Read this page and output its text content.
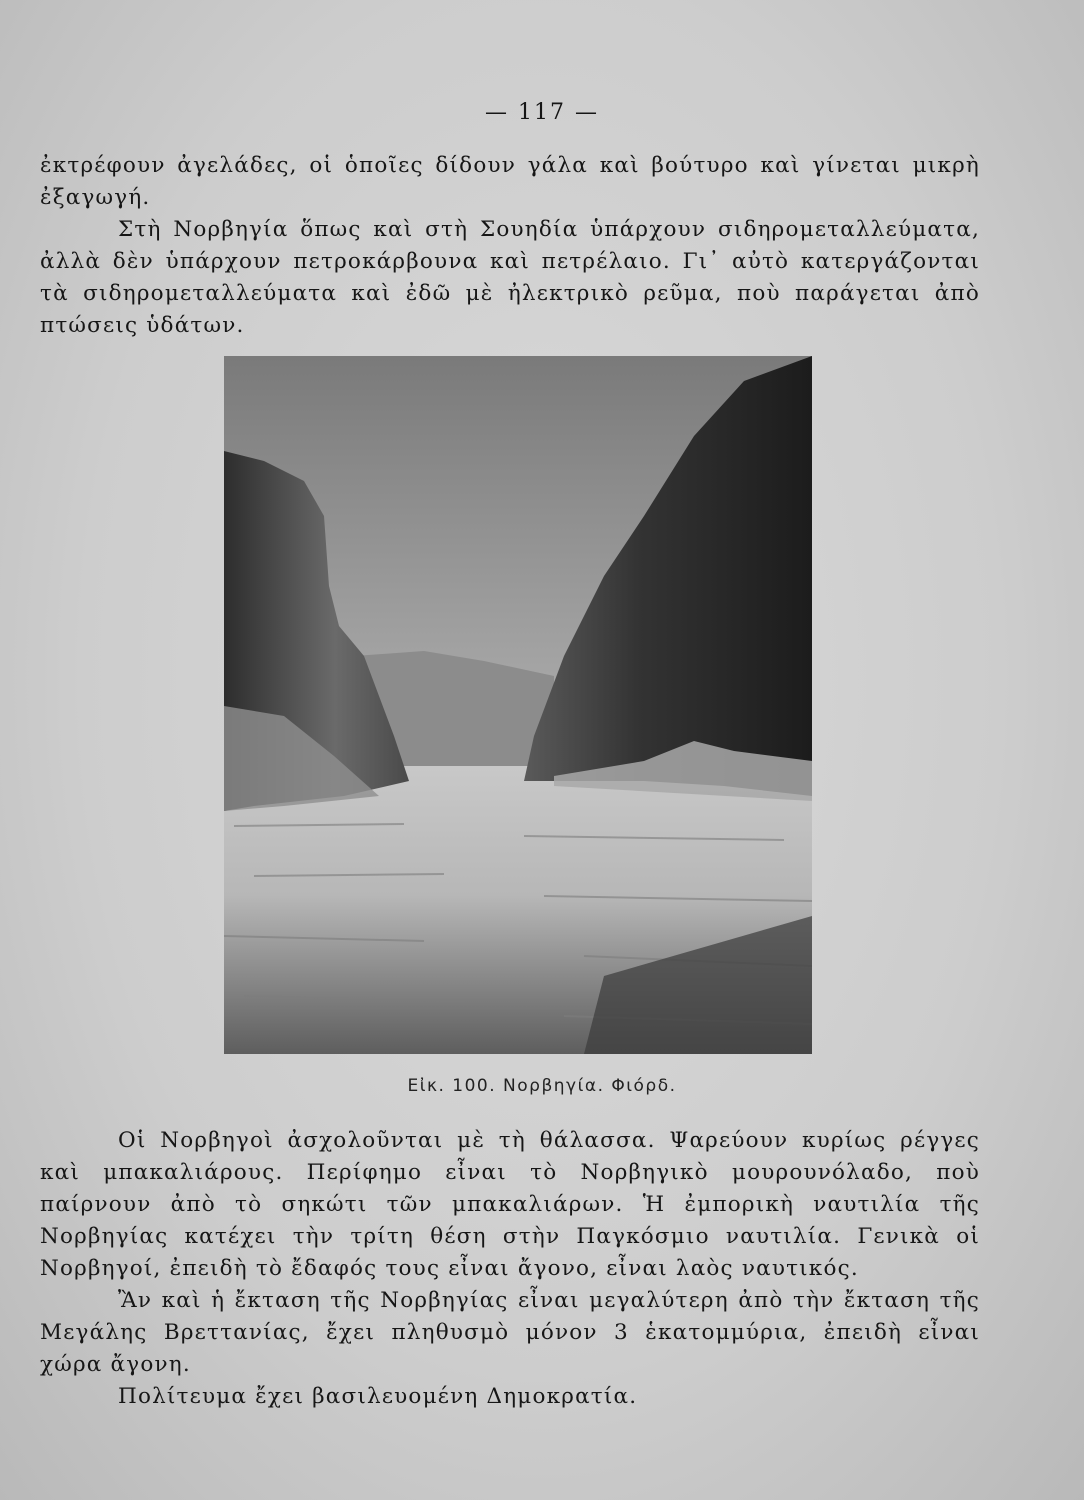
— 117 —

ἐκτρέφουν ἀγελάδες, οἱ ὁποῖες δίδουν γάλα καὶ βούτυρο καὶ γίνεται μικρὴ ἐξαγωγή.

Στὴ Νορβηγία ὅπως καὶ στὴ Σουηδία ὑπάρχουν σιδηρομεταλλεύματα, ἀλλὰ δὲν ὑπάρχουν πετροκάρβουνα καὶ πετρέλαιο. Γι᾿ αὐτὸ κατεργάζονται τὰ σιδηρομεταλλεύματα καὶ ἐδῶ μὲ ἠλεκτρικὸ ρεῦμα, ποὺ παράγεται ἀπὸ πτώσεις ὑδάτων.

Εἰκ. 100. Νορβηγία. Φιόρδ.

Οἱ Νορβηγοὶ ἀσχολοῦνται μὲ τὴ θάλασσα. Ψαρεύουν κυρίως ρέγγες καὶ μπακαλιάρους. Περίφημο εἶναι τὸ Νορβηγικὸ μουρουνόλαδο, ποὺ παίρνουν ἀπὸ τὸ σηκώτι τῶν μπακαλιάρων. Ἡ ἐμπορικὴ ναυτιλία τῆς Νορβηγίας κατέχει τὴν τρίτη θέση στὴν Παγκόσμιο ναυτιλία. Γενικὰ οἱ Νορβηγοί, ἐπειδὴ τὸ ἔδαφός τους εἶναι ἄγονο, εἶναι λαὸς ναυτικός.

Ἂν καὶ ἡ ἔκταση τῆς Νορβηγίας εἶναι μεγαλύτερη ἀπὸ τὴν ἔκταση τῆς Μεγάλης Βρεττανίας, ἔχει πληθυσμὸ μόνον 3 ἑκατομμύρια, ἐπειδὴ εἶναι χώρα ἄγονη.

Πολίτευμα ἔχει βασιλευομένη Δημοκρατία.
